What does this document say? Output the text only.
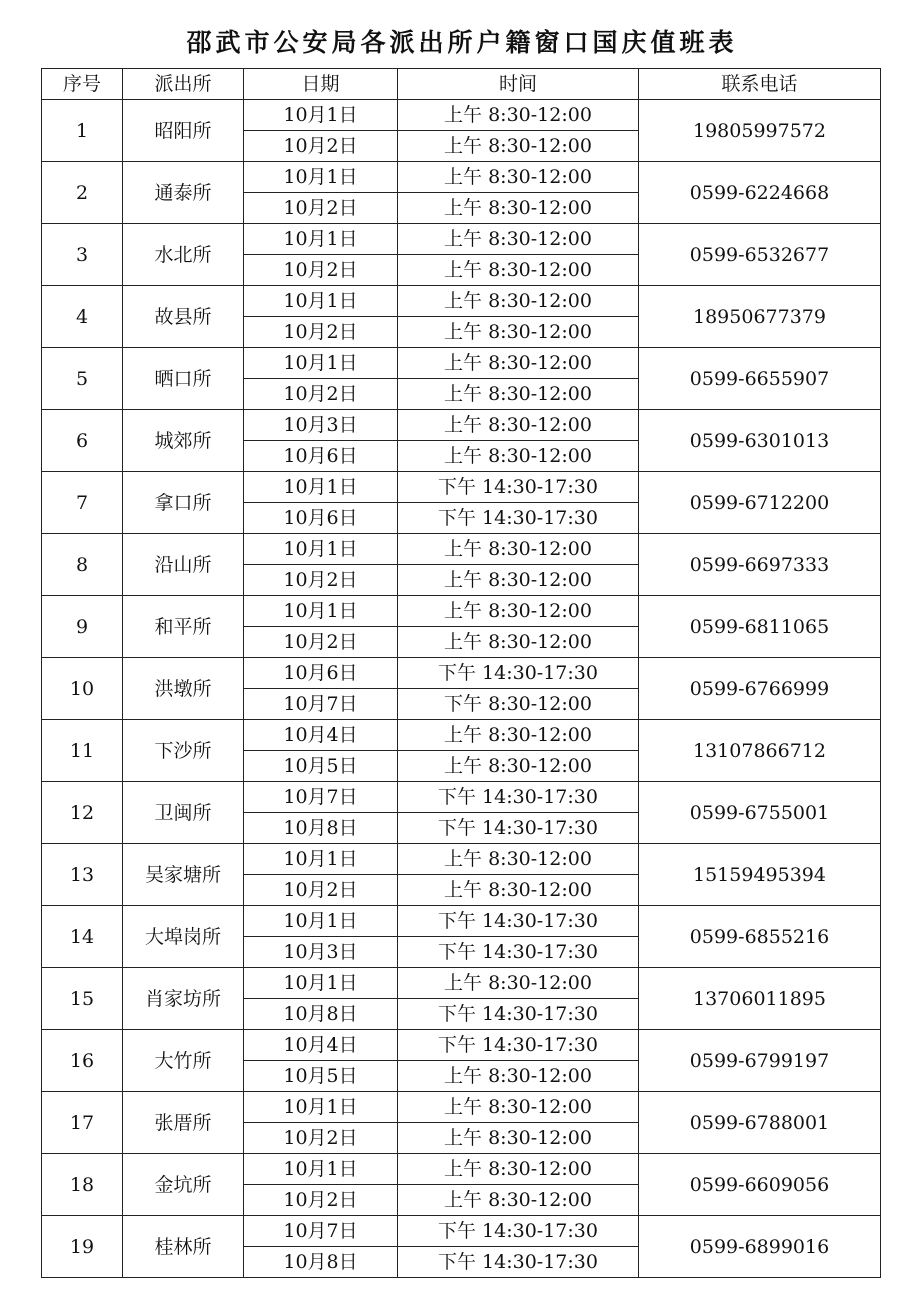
邵武市公安局各派出所户籍窗口国庆值班表
序号	派出所	日期	时间	联系电话
1	昭阳所	10月1日	上午 8:30-12:00	19805997572
		10月2日	上午 8:30-12:00	
2	通泰所	10月1日	上午 8:30-12:00	0599-6224668
		10月2日	上午 8:30-12:00	
3	水北所	10月1日	上午 8:30-12:00	0599-6532677
		10月2日	上午 8:30-12:00	
4	故县所	10月1日	上午 8:30-12:00	18950677379
		10月2日	上午 8:30-12:00	
5	晒口所	10月1日	上午 8:30-12:00	0599-6655907
		10月2日	上午 8:30-12:00	
6	城郊所	10月3日	上午 8:30-12:00	0599-6301013
		10月6日	上午 8:30-12:00	
7	拿口所	10月1日	下午 14:30-17:30	0599-6712200
		10月6日	下午 14:30-17:30	
8	沿山所	10月1日	上午 8:30-12:00	0599-6697333
		10月2日	上午 8:30-12:00	
9	和平所	10月1日	上午 8:30-12:00	0599-6811065
		10月2日	上午 8:30-12:00	
10	洪墩所	10月6日	下午 14:30-17:30	0599-6766999
		10月7日	下午 8:30-12:00	
11	下沙所	10月4日	上午 8:30-12:00	13107866712
		10月5日	上午 8:30-12:00	
12	卫闽所	10月7日	下午 14:30-17:30	0599-6755001
		10月8日	下午 14:30-17:30	
13	吴家塘所	10月1日	上午 8:30-12:00	15159495394
		10月2日	上午 8:30-12:00	
14	大埠岗所	10月1日	下午 14:30-17:30	0599-6855216
		10月3日	下午 14:30-17:30	
15	肖家坊所	10月1日	上午 8:30-12:00	13706011895
		10月8日	下午 14:30-17:30	
16	大竹所	10月4日	下午 14:30-17:30	0599-6799197
		10月5日	上午 8:30-12:00	
17	张厝所	10月1日	上午 8:30-12:00	0599-6788001
		10月2日	上午 8:30-12:00	
18	金坑所	10月1日	上午 8:30-12:00	0599-6609056
		10月2日	上午 8:30-12:00	
19	桂林所	10月7日	下午 14:30-17:30	0599-6899016
		10月8日	下午 14:30-17:30	
